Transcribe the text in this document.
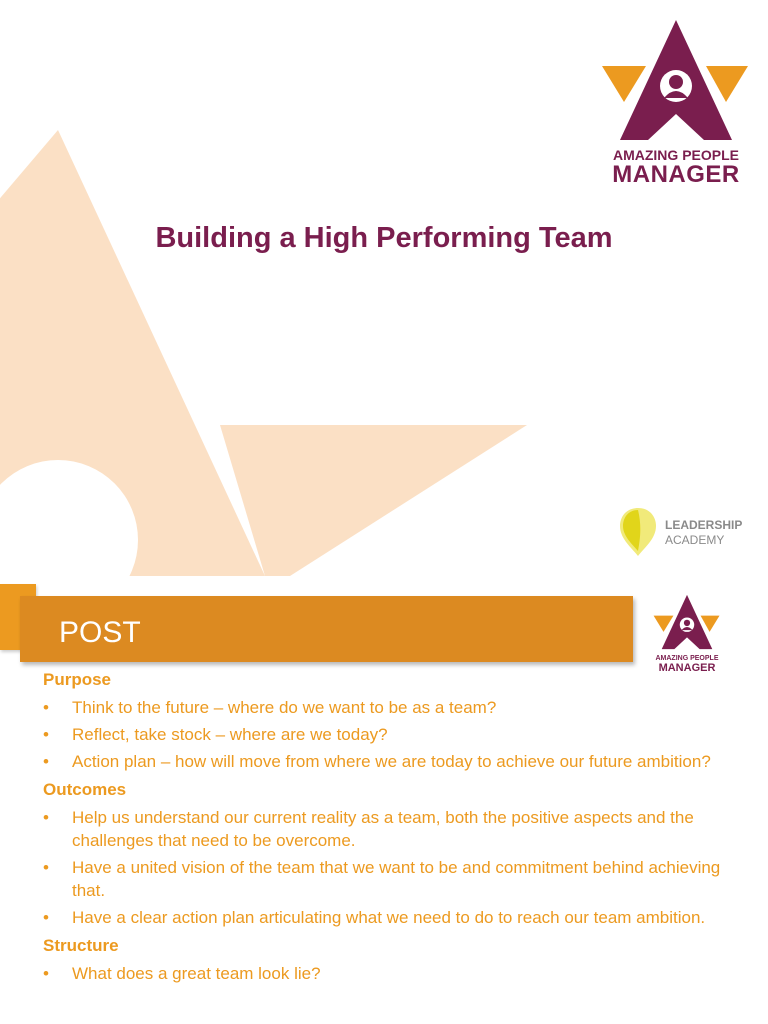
Building a High Performing Team
AMAZING PEOPLE
MANAGER
LEADERSHIP
ACADEMY
POST
AMAZING PEOPLE
MANAGER
Purpose
• Think to the future – where do we want to be as a team?
• Reflect, take stock – where are we today?
• Action plan – how will move from where we are today to achieve our future ambition?
Outcomes
• Help us understand our current reality as a team, both the positive aspects and the challenges that need to be overcome.
• Have a united vision of the team that we want to be and commitment behind achieving that.
• Have a clear action plan articulating what we need to do to reach our team ambition.
Structure
• What does a great team look lie?
